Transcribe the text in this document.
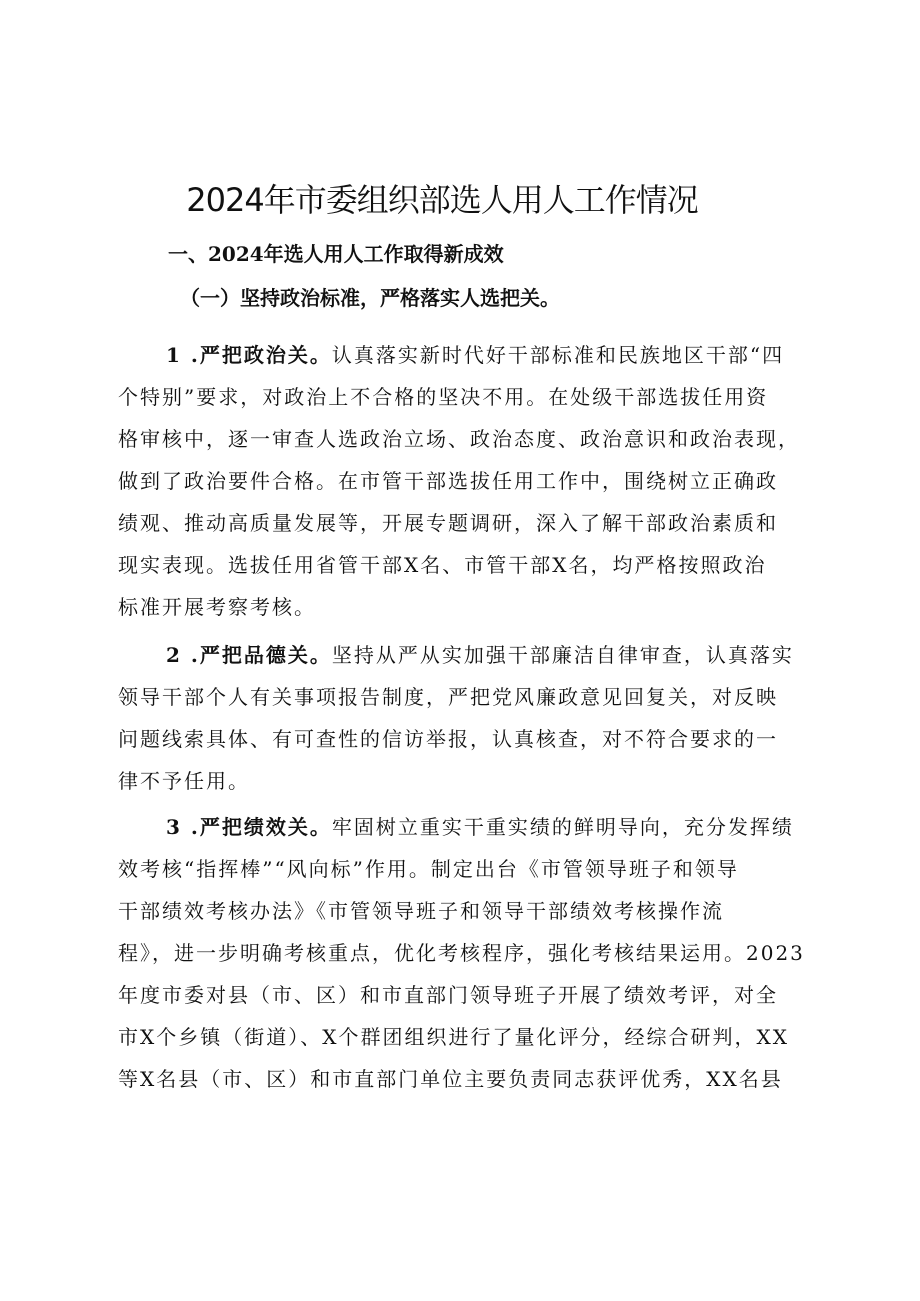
2024年市委组织部选人用人工作情况
一、2024年选人用人工作取得新成效
（一）坚持政治标准，严格落实人选把关。
1 .严把政治关。认真落实新时代好干部标准和民族地区干部“四
个特别”要求，对政治上不合格的坚决不用。在处级干部选拔任用资
格审核中，逐一审查人选政治立场、政治态度、政治意识和政治表现，
做到了政治要件合格。在市管干部选拔任用工作中，围绕树立正确政
绩观、推动高质量发展等，开展专题调研，深入了解干部政治素质和
现实表现。选拔任用省管干部X名、市管干部X名，均严格按照政治
标准开展考察考核。
2 .严把品德关。坚持从严从实加强干部廉洁自律审查，认真落实
领导干部个人有关事项报告制度，严把党风廉政意见回复关，对反映
问题线索具体、有可查性的信访举报，认真核查，对不符合要求的一
律不予任用。
3 .严把绩效关。牢固树立重实干重实绩的鲜明导向，充分发挥绩
效考核“指挥棒”“风向标”作用。制定出台《市管领导班子和领导
干部绩效考核办法》《市管领导班子和领导干部绩效考核操作流
程》，进一步明确考核重点，优化考核程序，强化考核结果运用。2023
年度市委对县（市、区）和市直部门领导班子开展了绩效考评，对全
市X个乡镇（街道）、X个群团组织进行了量化评分，经综合研判，XX
等X名县（市、区）和市直部门单位主要负责同志获评优秀，XX名县
